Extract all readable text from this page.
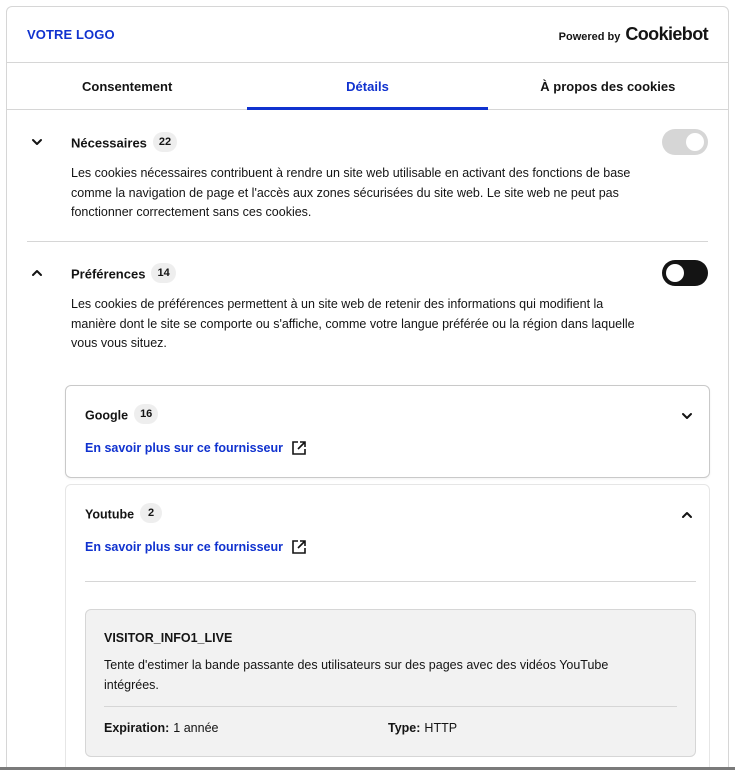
VOTRE LOGO	Powered by Cookiebot
Consentement	Détails	À propos des cookies
Nécessaires 22
Les cookies nécessaires contribuent à rendre un site web utilisable en activant des fonctions de base comme la navigation de page et l'accès aux zones sécurisées du site web. Le site web ne peut pas fonctionner correctement sans ces cookies.
Préférences 14
Les cookies de préférences permettent à un site web de retenir des informations qui modifient la manière dont le site se comporte ou s'affiche, comme votre langue préférée ou la région dans laquelle vous vous situez.
Google 16
En savoir plus sur ce fournisseur
Youtube 2
En savoir plus sur ce fournisseur
VISITOR_INFO1_LIVE
Tente d'estimer la bande passante des utilisateurs sur des pages avec des vidéos YouTube intégrées.
Expiration: 1 année	Type: HTTP
